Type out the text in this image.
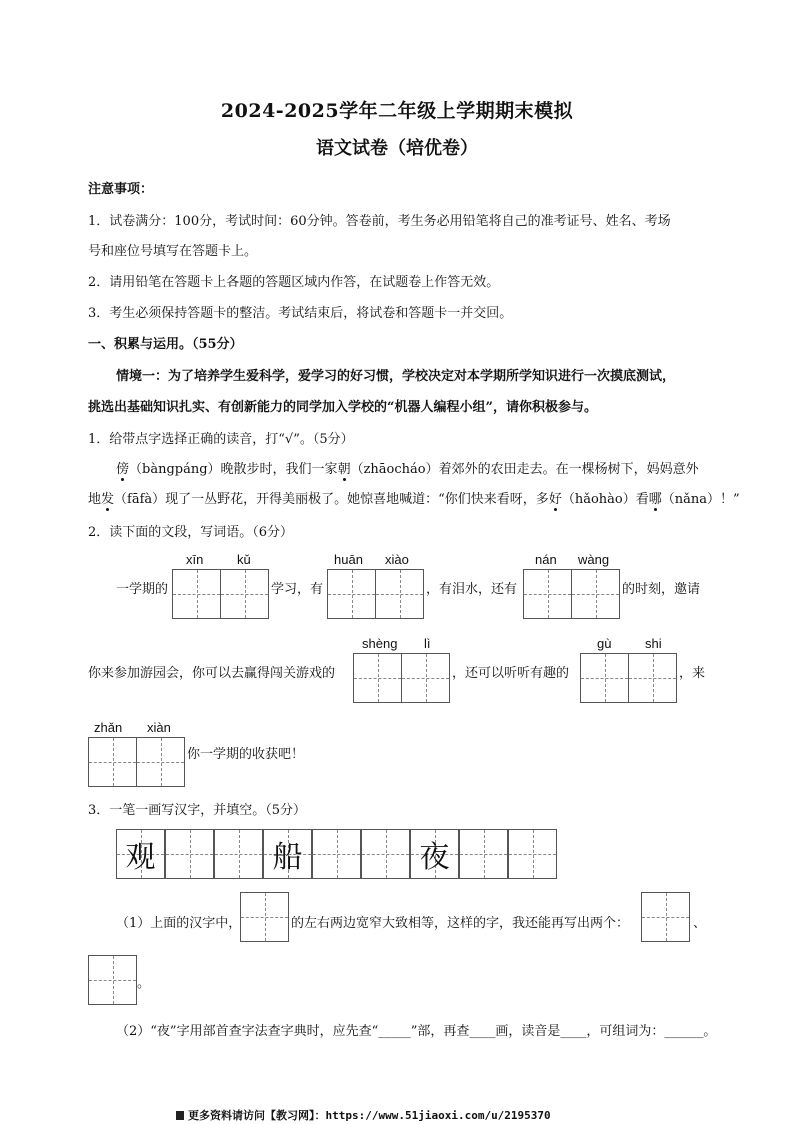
2024-2025学年二年级上学期期末模拟
语文试卷（培优卷）
注意事项：
1．试卷满分：100分，考试时间：60分钟。答卷前，考生务必用铅笔将自己的准考证号、姓名、考场
号和座位号填写在答题卡上。
2．请用铅笔在答题卡上各题的答题区域内作答，在试题卷上作答无效。
3．考生必须保持答题卡的整洁。考试结束后，将试卷和答题卡一并交回。
一、积累与运用。（55分）
情境一：为了培养学生爱科学，爱学习的好习惯，学校决定对本学期所学知识进行一次摸底测试，
挑选出基础知识扎实、有创新能力的同学加入学校的“机器人编程小组”，请你积极参与。
1．给带点字选择正确的读音，打“√”。（5分）
傍（bàngpáng）晚散步时，我们一家朝（zhāocháo）着郊外的农田走去。在一棵杨树下，妈妈意外
地发（fāfà）现了一丛野花，开得美丽极了。她惊喜地喊道：“你们快来看呀，多好（hǎohào）看哪（nǎna）！”
2．读下面的文段，写词语。（6分）
xīn	kǔ	huān xiào	nán wàng
一学期的	学习，有	，有泪水，还有	的时刻，邀请
shèng lì	gù	shi
你来参加游园会，你可以去赢得闯关游戏的	，还可以听听有趣的	，来
zhǎn xiàn
你一学期的收获吧！
3．一笔一画写汉字，并填空。（5分）
观	船	夜
（1）上面的汉字中，	的左右两边宽窄大致相等，这样的字，我还能再写出两个：	、
。
（2）“夜”字用部首查字法查字典时，应先查“_____”部，再查____画，读音是____，可组词为：______。
更多资料请访问【教习网】：https://www.51jiaoxi.com/u/2195370
